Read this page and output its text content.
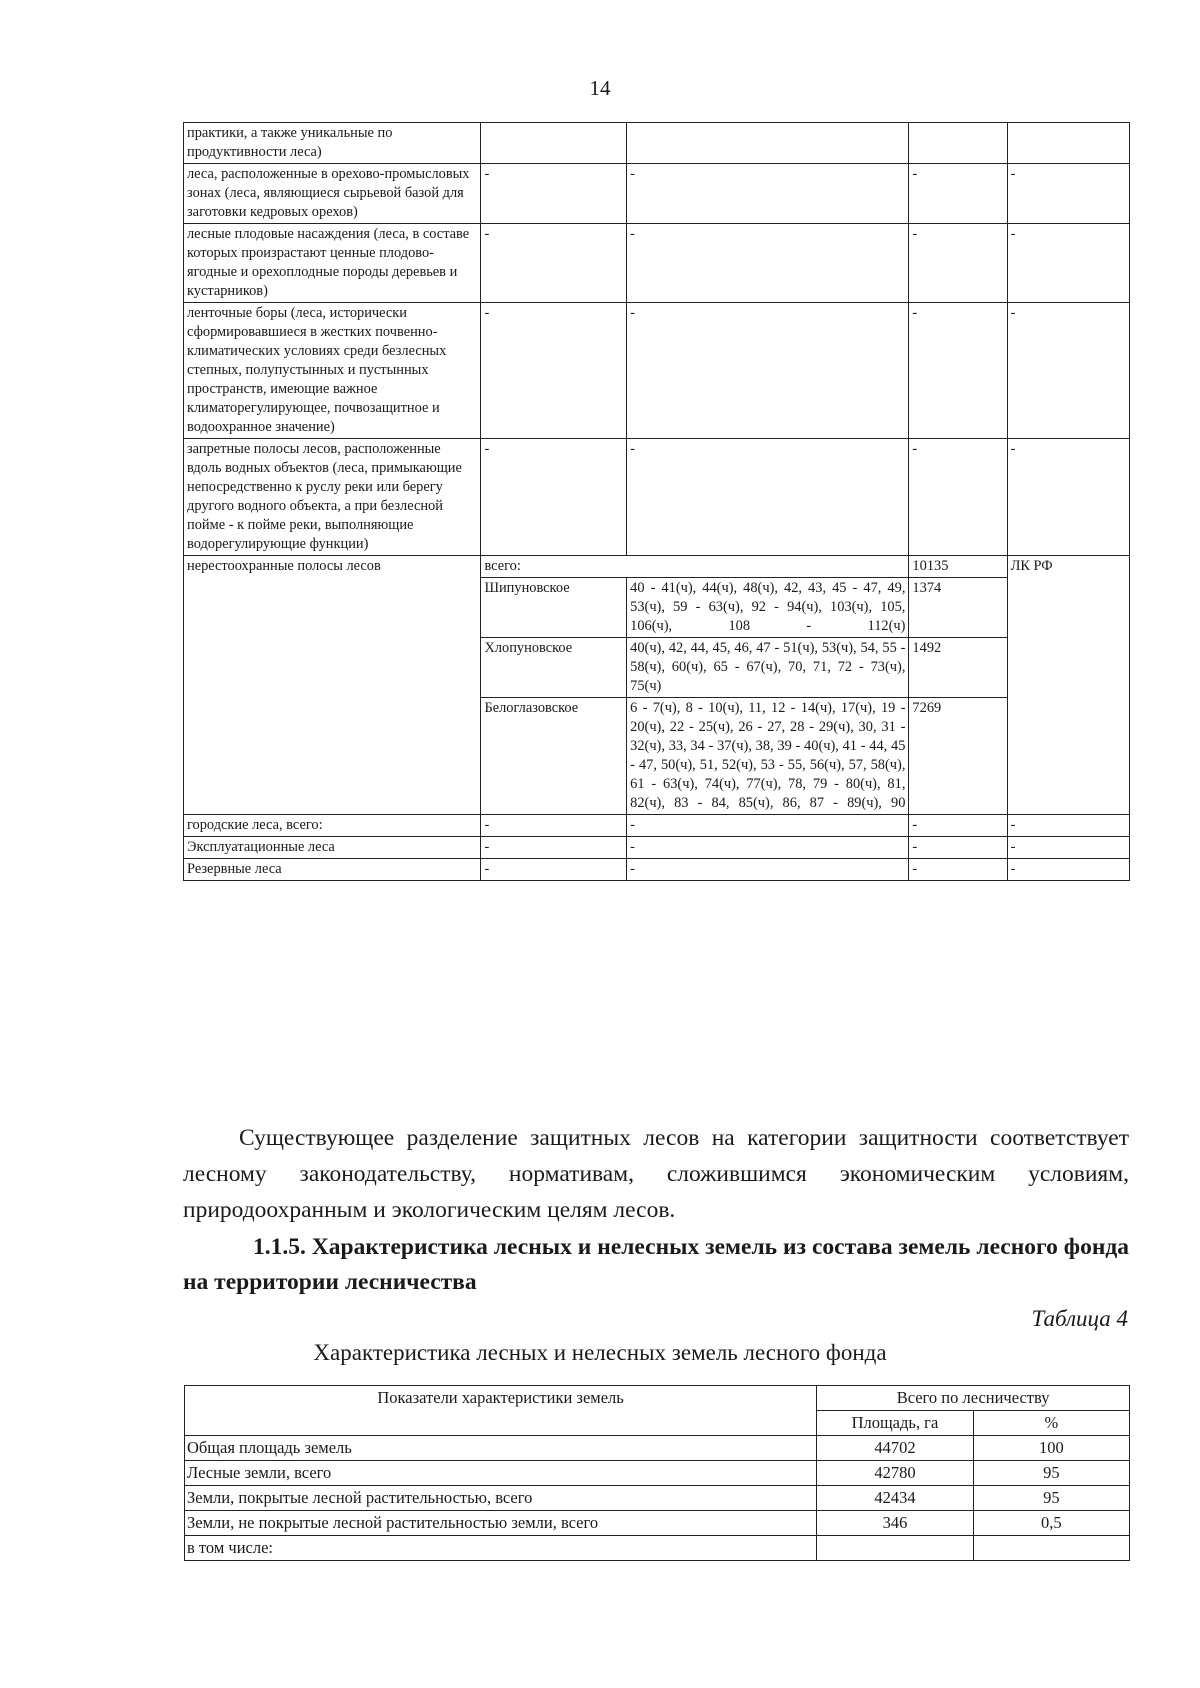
14
практики, а также уникальные по продуктивности леса)				
леса, расположенные в орехово-промысловых зонах (леса, являющиеся сырьевой базой для заготовки кедровых орехов)	-	-	-	-
лесные плодовые насаждения (леса, в составе которых произрастают ценные плодово-ягодные и орехоплодные породы деревьев и кустарников)	-	-	-	-
ленточные боры (леса, исторически сформировавшиеся в жестких почвенно-климатических условиях среди безлесных степных, полупустынных и пустынных пространств, имеющие важное климаторегулирующее, почвозащитное и водоохранное значение)	-	-	-	-
запретные полосы лесов, расположенные вдоль водных объектов (леса, примыкающие непосредственно к руслу реки или берегу другого водного объекта, а при безлесной пойме - к пойме реки, выполняющие водорегулирующие функции)	-	-	-	-
нерестоохранные полосы лесов	всего:		10135	ЛК РФ
	Шипуновское	40 - 41(ч), 44(ч), 48(ч), 42, 43, 45 - 47, 49, 53(ч), 59 - 63(ч), 92 - 94(ч), 103(ч), 105, 106(ч), 108 - 112(ч)	1374	
	Хлопуновское	40(ч), 42, 44, 45, 46, 47 - 51(ч), 53(ч), 54, 55 - 58(ч), 60(ч), 65 - 67(ч), 70, 71, 72 - 73(ч), 75(ч)	1492	
	Белоглазовское	6 - 7(ч), 8 - 10(ч), 11, 12 - 14(ч), 17(ч), 19 - 20(ч), 22 - 25(ч), 26 - 27, 28 - 29(ч), 30, 31 - 32(ч), 33, 34 - 37(ч), 38, 39 - 40(ч), 41 - 44, 45 - 47, 50(ч), 51, 52(ч), 53 - 55, 56(ч), 57, 58(ч), 61 - 63(ч), 74(ч), 77(ч), 78, 79 - 80(ч), 81, 82(ч), 83 - 84, 85(ч), 86, 87 - 89(ч), 90	7269	
городские леса, всего:	-	-	-	-
Эксплуатационные леса	-	-	-	-
Резервные леса	-	-	-	-
Существующее разделение защитных лесов на категории защитности соответствует лесному законодательству, нормативам, сложившимся экономическим условиям, природоохранным и экологическим целям лесов.
1.1.5. Характеристика лесных и нелесных земель из состава земель лесного фонда на территории лесничества
Таблица 4
Характеристика лесных и нелесных земель лесного фонда
Показатели характеристики земель	Всего по лесничеству	
	Площадь, га	%
Общая площадь земель	44702	100
Лесные земли, всего	42780	95
Земли, покрытые лесной растительностью, всего	42434	95
Земли, не покрытые лесной растительностью земли, всего	346	0,5
в том числе:		
